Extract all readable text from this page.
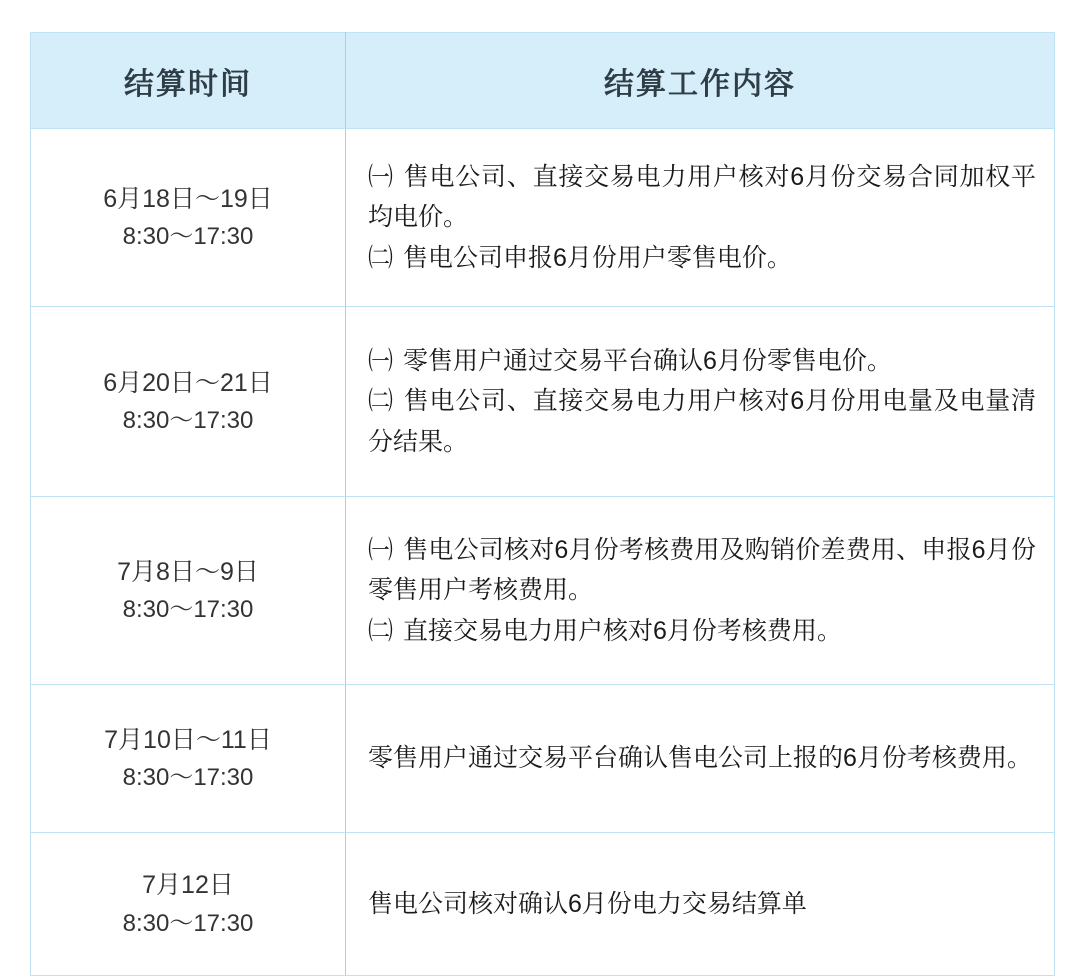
结算时间	结算工作内容

6月18日～19日
8:30～17:30	㈠ 售电公司、直接交易电力用户核对6月份交易合同加权平均电价。
㈡ 售电公司申报6月份用户零售电价。

6月20日～21日
8:30～17:30	㈠ 零售用户通过交易平台确认6月份零售电价。
㈡ 售电公司、直接交易电力用户核对6月份用电量及电量清分结果。

7月8日～9日
8:30～17:30	㈠ 售电公司核对6月份考核费用及购销价差费用、申报6月份零售用户考核费用。
㈡ 直接交易电力用户核对6月份考核费用。

7月10日～11日
8:30～17:30	零售用户通过交易平台确认售电公司上报的6月份考核费用。

7月12日
8:30～17:30	售电公司核对确认6月份电力交易结算单
